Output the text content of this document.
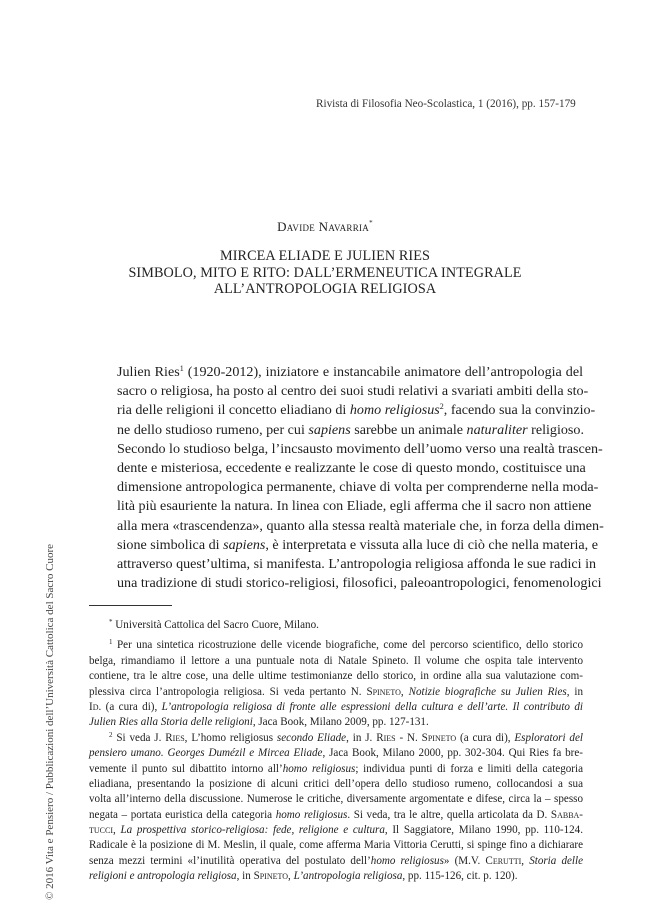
Rivista di Filosofia Neo-Scolastica, 1 (2016), pp. 157-179
Davide Navarria*
MIRCEA ELIADE E JULIEN RIES
SIMBOLO, MITO E RITO: DALL’ERMENEUTICA INTEGRALE
ALL’ANTROPOLOGIA RELIGIOSA
Julien Ries$^1$ (1920-2012), iniziatore e instancabile animatore dell’antropologia del
sacro o religiosa, ha posto al centro dei suoi studi relativi a svariati ambiti della sto-
ria delle religioni il concetto eliadiano di homo religiosus$^2$, facendo sua la convinzio-
ne dello studioso rumeno, per cui sapiens sarebbe un animale naturaliter religioso.
Secondo lo studioso belga, l’incsausto movimento dell’uomo verso una realtà trascen-
dente e misteriosa, eccedente e realizzante le cose di questo mondo, costituisce una
dimensione antropologica permanente, chiave di volta per comprenderne nella moda-
lità più esauriente la natura. In linea con Eliade, egli afferma che il sacro non attiene
alla mera «trascendenza», quanto alla stessa realtà materiale che, in forza della dimen-
sione simbolica di sapiens, è interpretata e vissuta alla luce di ciò che nella materia, e
attraverso quest’ultima, si manifesta. L’antropologia religiosa affonda le sue radici in
una tradizione di studi storico-religiosi, filosofici, paleoantropologici, fenomenologici
* Università Cattolica del Sacro Cuore, Milano.
$^1$ Per una sintetica ricostruzione delle vicende biografiche, come del percorso scientifico, dello storico
belga, rimandiamo il lettore a una puntuale nota di Natale Spineto. Il volume che ospita tale intervento
contiene, tra le altre cose, una delle ultime testimonianze dello storico, in ordine alla sua valutazione com-
plessiva circa l’antropologia religiosa. Si veda pertanto N. Spineto, Notizie biografiche su Julien Ries, in
Id. (a cura di), L’antropologia religiosa di fronte alle espressioni della cultura e dell’arte. Il contributo di
Julien Ries alla Storia delle religioni, Jaca Book, Milano 2009, pp. 127-131.
$^2$ Si veda J. Ries, L’homo religiosus secondo Eliade, in J. Ries - N. Spineto (a cura di), Esploratori del
pensiero umano. Georges Dumézil e Mircea Eliade, Jaca Book, Milano 2000, pp. 302-304. Qui Ries fa bre-
vemente il punto sul dibattito intorno all’homo religiosus; individua punti di forza e limiti della categoria
eliadiana, presentando la posizione di alcuni critici dell’opera dello studioso rumeno, collocandosi a sua
volta all’interno della discussione. Numerose le critiche, diversamente argomentate e difese, circa la – spesso
negata – portata euristica della categoria homo religiosus. Si veda, tra le altre, quella articolata da D. Sabba-
tucci, La prospettiva storico-religiosa: fede, religione e cultura, Il Saggiatore, Milano 1990, pp. 110-124.
Radicale è la posizione di M. Meslin, il quale, come afferma Maria Vittoria Cerutti, si spinge fino a dichiarare
senza mezzi termini «l’inutilità operativa del postulato dell’homo religiosus» (M.V. Cerutti, Storia delle
religioni e antropologia religiosa, in Spineto, L’antropologia religiosa, pp. 115-126, cit. p. 120).
© 2016 Vita e Pensiero / Pubblicazioni dell’Università Cattolica del Sacro Cuore
